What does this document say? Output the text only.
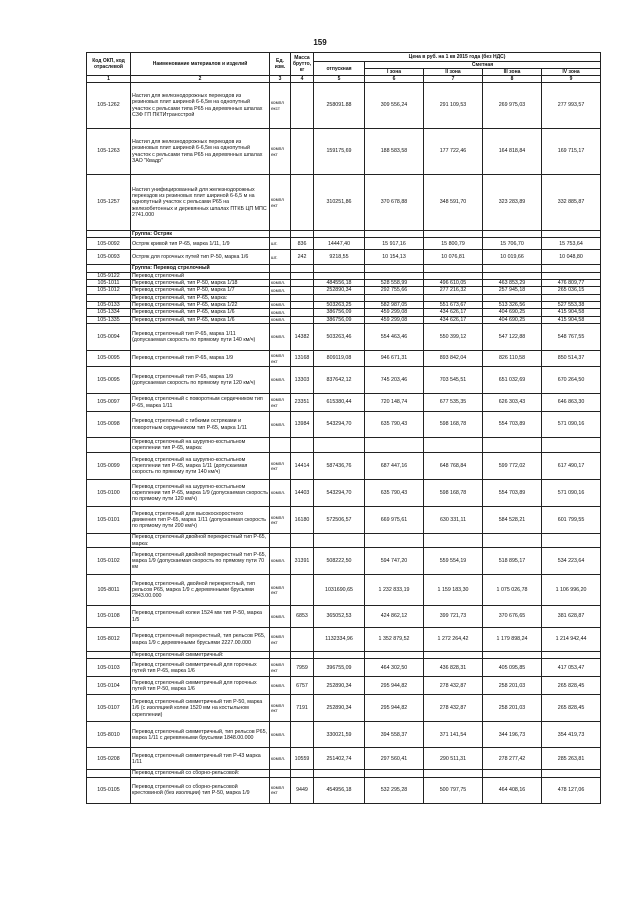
159
Код ОКП, код отраслевой	Наименование материалов и изделий	Ед. изм.	Масса брутто, кг	Цена в руб. на 1 кв 2015 года (без НДС)				
				отпускная	Сметная			
					I зона	II зона	III зона	IV зона
1	2	3	4	5	6	7	8	9
105-1262	Настил для железнодорожных переездов из резиновых плит шириной 6-6,5м на однопутный участок с рельсами типа Р65 на деревянных шпалах СЗФ ГП ПКТИтрансстрой	компл екст		258091.88	309 556,24	291 109,53	269 975,03	277 993,57
105-1263	Настил для железнодорожных переездов из резиновых плит шириной 6-6,5м на однопутный участок с рельсами типа Р65 на деревянных шпалах ЗАО "Квадр"	компл ект		159175,69	188 583,58	177 722,46	164 818,84	169 715,17
105-1257	Настил унифицированный для железнодорожных переездов из резиновых плит шириной 6-6,5 м на однопутный участок с рельсами Р65 на железобетонных и деревянных шпалах ПТКБ ЦП МПС 2741.000	компл ект		310251,86	370 678,88	348 591,70	323 283,89	332 885,87
	Группа: Остряк							
105-0092	Остряк кривой тип Р-65, марка 1/11, 1/9	шт.	836	14447,40	15 917,16	15 800,79	15 706,70	15 753,64
105-0093	Остряк для горочных путей тип Р-50, марка 1/6	шт.	242	9218,55	10 154,13	10 076,81	10 019,66	10 048,80
	Группа: Перевод стрелочный							
105-9122	Перевод стрелочный							
105-1011	Перевод стрелочный, тип Р-50, марка 1/18	компл.		484556,18	528 558,99	496 610,05	463 853,29	476 809,77
105-1012	Перевод стрелочный, тип Р-50, марка 1/7	компл.		252890,34	292 755,66	277 216,32	257 945,18	265 036,15
	Перевод стрелочный, тип Р-65, марка:							
105-0133	Перевод стрелочный, тип Р-65, марка 1/22	компл.		503263,25	582 987,05	551 673,67	513 326,56	527 553,38
105-1334	Перевод стрелочный, тип Р-65, марка 1/6	компл.		386756,09	459 299,08	434 626,17	404 690,25	415 904,58
105-1335	Перевод стрелочный, тип Р-65, марка 1/6	компл.		386756,09	459 299,08	434 626,17	404 690,25	415 904,58
105-0094	Перевод стрелочный тип Р-65, марка 1/11 (допускаемая скорость по прямому пути 140 км/ч)	компл.	14382	503263,46	554 463,46	550 399,12	547 122,88	548 767,55
105-0095	Перевод стрелочный тип Р-65, марка 1/9	компл ект	13168	809119,08	946 671,31	893 842,04	826 110,58	850 514,37
105-0095	Перевод стрелочный тип Р-65, марка 1/9 (допускаемая скорость по прямому пути 120 км/ч)	компл.	13303	837642,12	745 203,46	703 545,51	651 032,69	670 264,50
105-0097	Перевод стрелочный с поворотным сердечником тип Р-65, марка 1/11	компл ект	23351	615380,44	720 148,74	677 535,35	626 303,43	646 863,30
105-0098	Перевод стрелочный с гибкими остряками и поворотным сердечником тип Р-65, марка 1/11	компл.	13984	543294,70	635 790,43	598 168,78	554 703,89	571 090,16
	Перевод стрелочный на шурупно-костыльном скреплении тип Р-65, марка:							
105-0099	Перевод стрелочный на шурупно-костыльном скреплении тип Р-65, марка 1/11 (допускаемая скорость по прямому пути 140 км/ч)	компл ект	14414	587436,76	687 447,16	648 768,84	599 772,02	617 490,17
105-0100	Перевод стрелочный на шурупно-костыльном скреплении тип Р-65, марка 1/9 (допускаемая скорость по прямому пути 120 км/ч)	компл.	14403	543294,70	635 790,43	598 168,78	554 703,89	571 090,16
105-0101	Перевод стрелочный для высокоскоростного движения тип Р-65, марка 1/11 (допускаемая скорость по прямому пути 200 км/ч)	компл ект	16180	572506,57	669 975,61	630 331,11	584 528,21	601 799,55
	Перевод стрелочный двойной перекрестный тип Р-65, марка:							
105-0102	Перевод стрелочный двойной перекрестный тип Р-65, марка 1/9 (допускаемая скорость по прямому пути 70 км	компл.	31391	508222,50	594 747,20	559 554,19	518 895,17	534 223,64
105-8011	Перевод стрелочный, двойной перекрестный, тип рельсов Р65, марка 1/9 с деревянными брусьями 2843.00.000	компл ект		1031690,65	1 232 833,19	1 159 183,30	1 075 026,78	1 106 996,20
105-0108	Перевод стрелочный колеи 1524 мм тип Р-50, марка 1/5	компл.	6853	365052,53	424 862,12	399 721,73	370 676,65	381 628,87
105-8012	Перевод стрелочный перекрестный, тип рельсов Р65, марка 1/9 с деревянными брусьями 2227.00.000	компл ект		1132334,96	1 352 879,52	1 272 264,42	1 179 898,24	1 214 942,44
	Перевод стрелочный симметричный:							
105-0103	Перевод стрелочный симметричный для горочных путей тип Р-65, марка 1/6	компл ект	7959	396755,09	464 302,50	436 828,31	405 095,85	417 053,47
105-0104	Перевод стрелочный симметричный для горочных путей тип Р-50, марка 1/6	компл.	6757	252890,34	295 944,82	278 432,87	258 201,03	265 828,45
105-0107	Перевод стрелочный симметричный тип Р-50, марка 1/6 (с изоляцией колеи 1520 мм на костыльном скреплении)	компл ект	7191	252890,34	295 944,82	278 432,87	258 201,03	265 828,45
105-8010	Перевод стрелочный симметричный, тип рельсов Р65, марка 1/11 с деревянными брусьями 1848.00.000	компл.		330021,59	394 558,37	371 141,54	344 196,73	354 419,73
105-0208	Перевод стрелочный симметричный тип Р-43 марка 1/11	компл.	10559	251402,74	297 560,41	290 511,31	278 277,42	285 263,81
	Перевод стрелочный со сборно-рельсовой:							
105-0105	Перевод стрелочный со сборно-рельсовой крестовиной (без изоляции) тип Р-50, марка 1/9	компл ект	9449	454956,18	532 295,28	500 797,75	464 408,16	478 127,06
